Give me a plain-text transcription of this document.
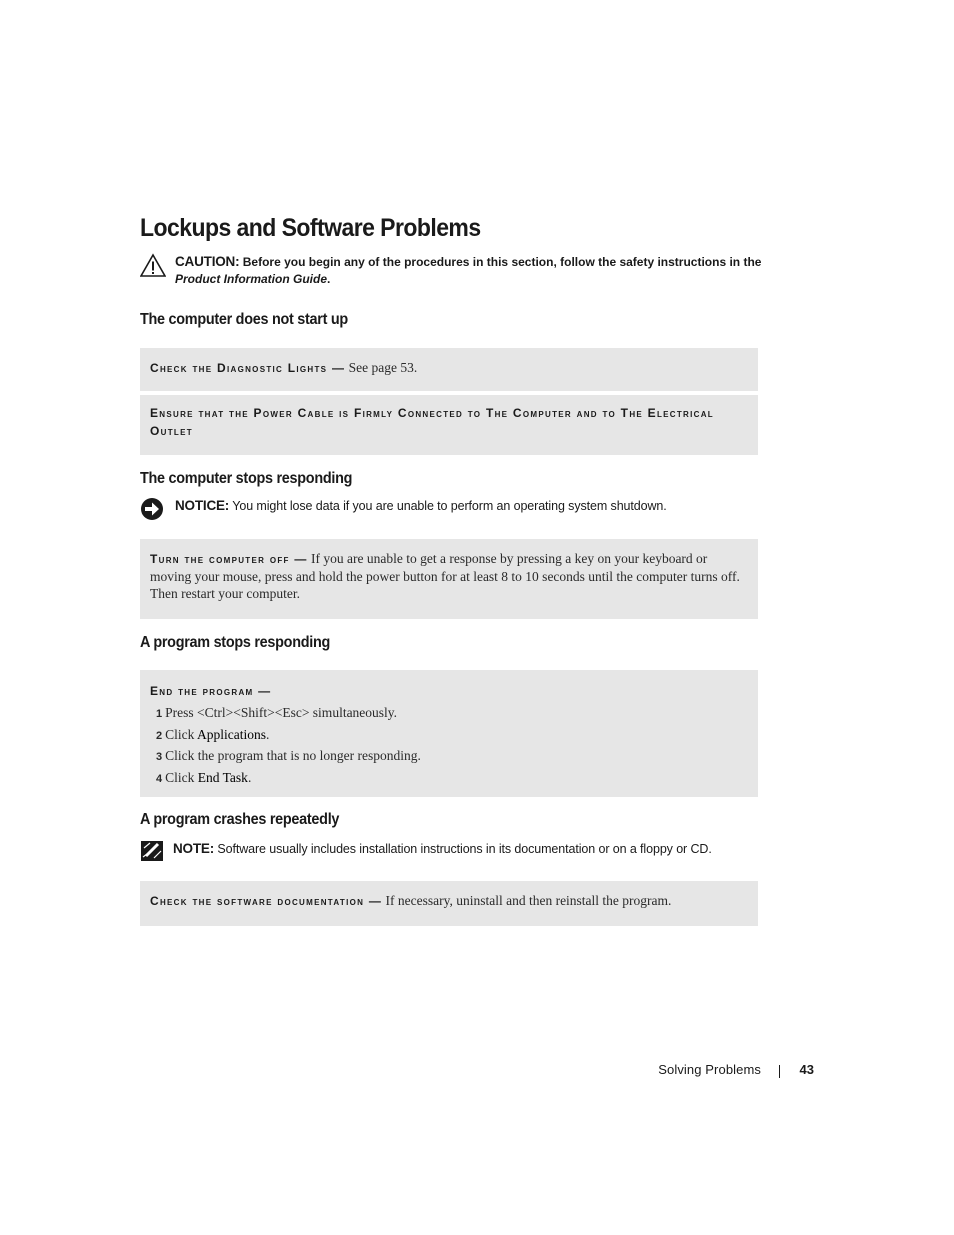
Lockups and Software Problems
CAUTION: Before you begin any of the procedures in this section, follow the safety instructions in the
Product Information Guide.
The computer does not start up
Check the Diagnostic Lights — See page 53.
Ensure that the Power Cable is Firmly Connected to The Computer and to The Electrical Outlet
The computer stops responding
NOTICE: You might lose data if you are unable to perform an operating system shutdown.
Turn the computer off — If you are unable to get a response by pressing a key on your keyboard or moving your mouse, press and hold the power button for at least 8 to 10 seconds until the computer turns off. Then restart your computer.
A program stops responding
End the program —
1 Press <Ctrl><Shift><Esc> simultaneously.
2 Click Applications.
3 Click the program that is no longer responding.
4 Click End Task.
A program crashes repeatedly
NOTE: Software usually includes installation instructions in its documentation or on a floppy or CD.
Check the software documentation — If necessary, uninstall and then reinstall the program.
Solving Problems	43
